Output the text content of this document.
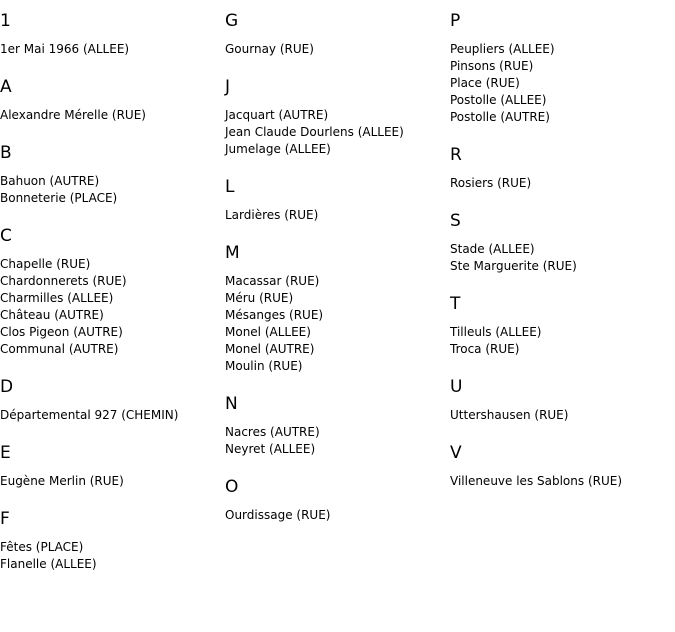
1
1er Mai 1966 (ALLEE)
A
Alexandre Mérelle (RUE)
B
Bahuon (AUTRE)
Bonneterie (PLACE)
C
Chapelle (RUE)
Chardonnerets (RUE)
Charmilles (ALLEE)
Château (AUTRE)
Clos Pigeon (AUTRE)
Communal (AUTRE)
D
Départemental 927 (CHEMIN)
E
Eugène Merlin (RUE)
F
Fêtes (PLACE)
Flanelle (ALLEE)
G
Gournay (RUE)
J
Jacquart (AUTRE)
Jean Claude Dourlens (ALLEE)
Jumelage (ALLEE)
L
Lardières (RUE)
M
Macassar (RUE)
Méru (RUE)
Mésanges (RUE)
Monel (ALLEE)
Monel (AUTRE)
Moulin (RUE)
N
Nacres (AUTRE)
Neyret (ALLEE)
O
Ourdissage (RUE)
P
Peupliers (ALLEE)
Pinsons (RUE)
Place (RUE)
Postolle (ALLEE)
Postolle (AUTRE)
R
Rosiers (RUE)
S
Stade (ALLEE)
Ste Marguerite (RUE)
T
Tilleuls (ALLEE)
Troca (RUE)
U
Uttershausen (RUE)
V
Villeneuve les Sablons (RUE)
